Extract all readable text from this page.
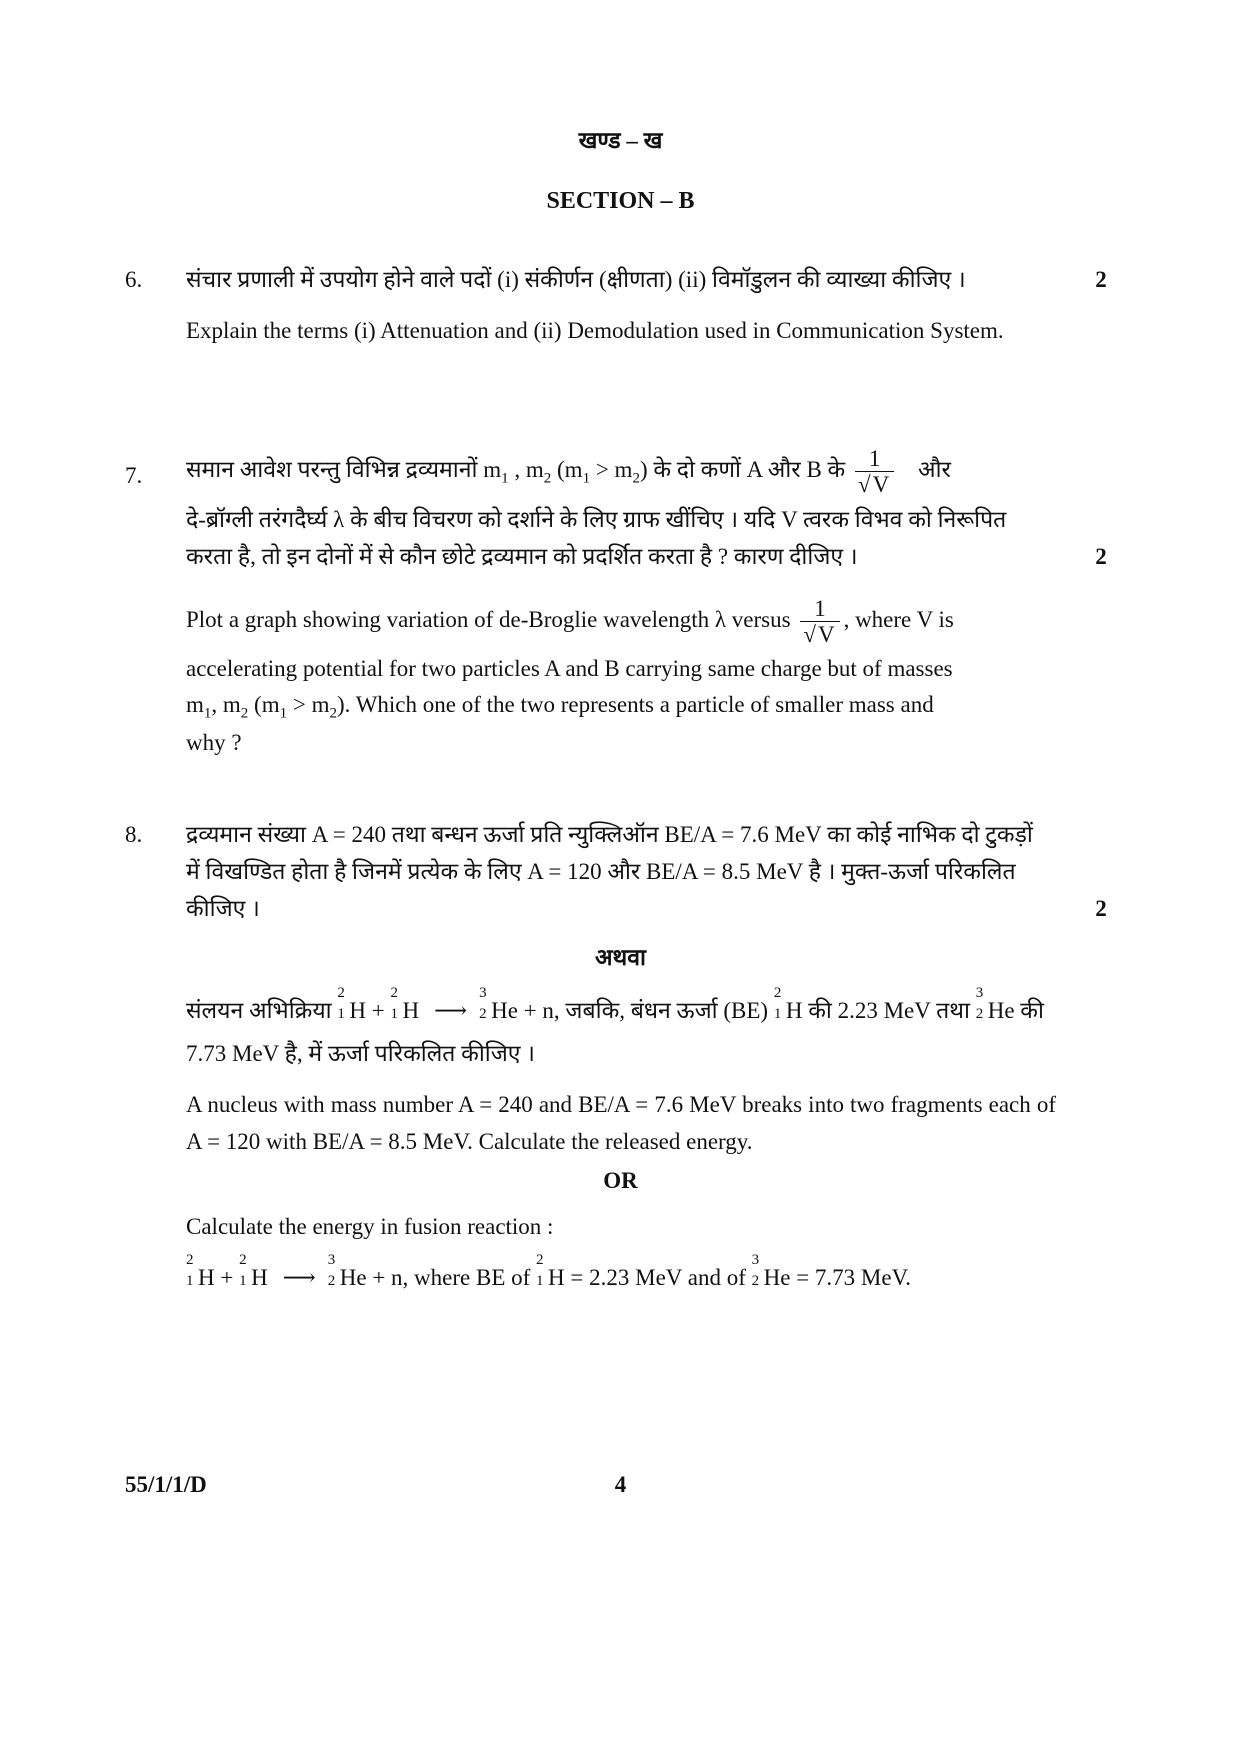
खण्ड – ख
SECTION – B
6.	2
संचार प्रणाली में उपयोग होने वाले पदों (i) संकीर्णन (क्षीणता) (ii) विमॉडुलन की व्याख्या कीजिए ।
Explain the terms (i) Attenuation and (ii) Demodulation used in Communication System.
7. समान आवेश परन्तु विभिन्न द्रव्यमानों $m_1$ , $m_2$ $(m_1 > m_2)$ के दो कणों A और B के $\frac{1}{√V}$ और
दे-ब्रॉग्ली तरंगदैर्घ्य λ के बीच विचरण को दर्शाने के लिए ग्राफ खींचिए । यदि V त्वरक विभव को निरूपित
करता है, तो इन दोनों में से कौन छोटे द्रव्यमान को प्रदर्शित करता है ? कारण दीजिए ।	2
Plot a graph showing variation of de-Broglie wavelength λ versus $\frac{1}{√V}$ , where V is
accelerating potential for two particles A and B carrying same charge but of masses
$m_1$, $m_2$ $(m_1 > m_2)$. Which one of the two represents a particle of smaller mass and
why ?
8. द्रव्यमान संख्या A = 240 तथा बन्धन ऊर्जा प्रति न्युक्लिऑन BE/A = 7.6 MeV का कोई नाभिक दो टुकड़ों
में विखण्डित होता है जिनमें प्रत्येक के लिए A = 120 और BE/A = 8.5 MeV है । मुक्त-ऊर्जा परिकलित
कीजिए ।	2
अथवा
संलयन अभिक्रिया
2
1 H +
2
1 H ⟶
3
2 He + n, जबकि, बंधन ऊर्जा (BE)
2
1 H की 2.23 MeV तथा
3
2 He की
7.73 MeV है, में ऊर्जा परिकलित कीजिए ।
A nucleus with mass number A = 240 and BE/A = 7.6 MeV breaks into two fragments each of A = 120 with BE/A = 8.5 MeV. Calculate the released energy.
OR
Calculate the energy in fusion reaction :
2
1 H +
2
1 H ⟶
3
2 He + n, where BE of
2
1 H = 2.23 MeV and of
3
2 He = 7.73 MeV.
55/1/1/D	4
